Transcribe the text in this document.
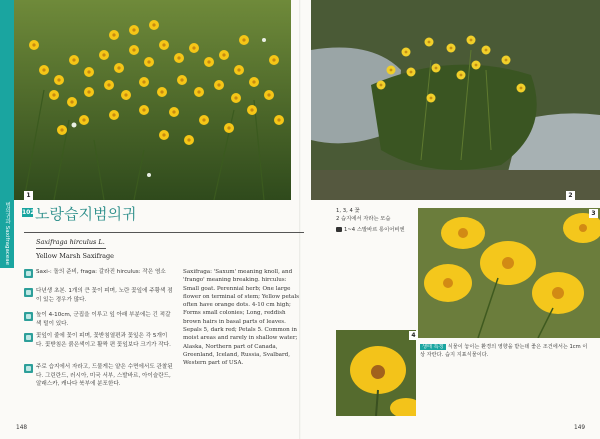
범의귀과 Saxifragaceae
1	2
3
4
102 노랑습지범의귀
Saxifraga hirculus L.
Yellow Marsh Saxifrage
Saxi-: 돌의 준비, fraga: 갈라진 hirculus: 작은 염소
다년생 초본. 1개의 큰 꽃이 피며, 노란 꽃잎에 주황색 점이 있는 경우가 많다.
높이 4-10cm, 군집을 이루고 잎 아래 부분에는 긴 적갈색 털이 있다.
꽃잎이 줄에 꽃이 피며, 꽃받침열편과 꽃잎은 각 5개이다. 꽃받침은 붉은색이고 활짝 편 꽃잎보다 크기가 작다.
주로 습지에서 자라고, 드물게는 얕은 수면에서도 관찰된다. 그린란드, 러시아, 미국 서부, 스발바르, 아이슬란드, 알래스카, 캐나다 북부에 분포한다.
Saxifraga: 'Saxum' meaning knoll, and 'frango' meaning breaking. hirculus: Small goat. Perennial herb; One large flower on terminal of stem; Yellow petals often have orange dots. 4-10 cm high; Forms small colonies; Long, reddish brown hairs in basal parts of leaves. Sepals 5, dark red; Petals 5. Common in moist areas and rarely in shallow water; Alaska, Northern part of Canada, Greenland, Iceland, Russia, Svalbard, Western part of USA.
1, 3, 4 꽃
2 습지에서 자라는 모습
1~4 스발바르 롱이어비엔
생태 특징 식물이 놓이는 환경의 영향을 받는데 좋은 조건에서는 1cm 이상 자란다. 습지 지표식물이다.
148	149
